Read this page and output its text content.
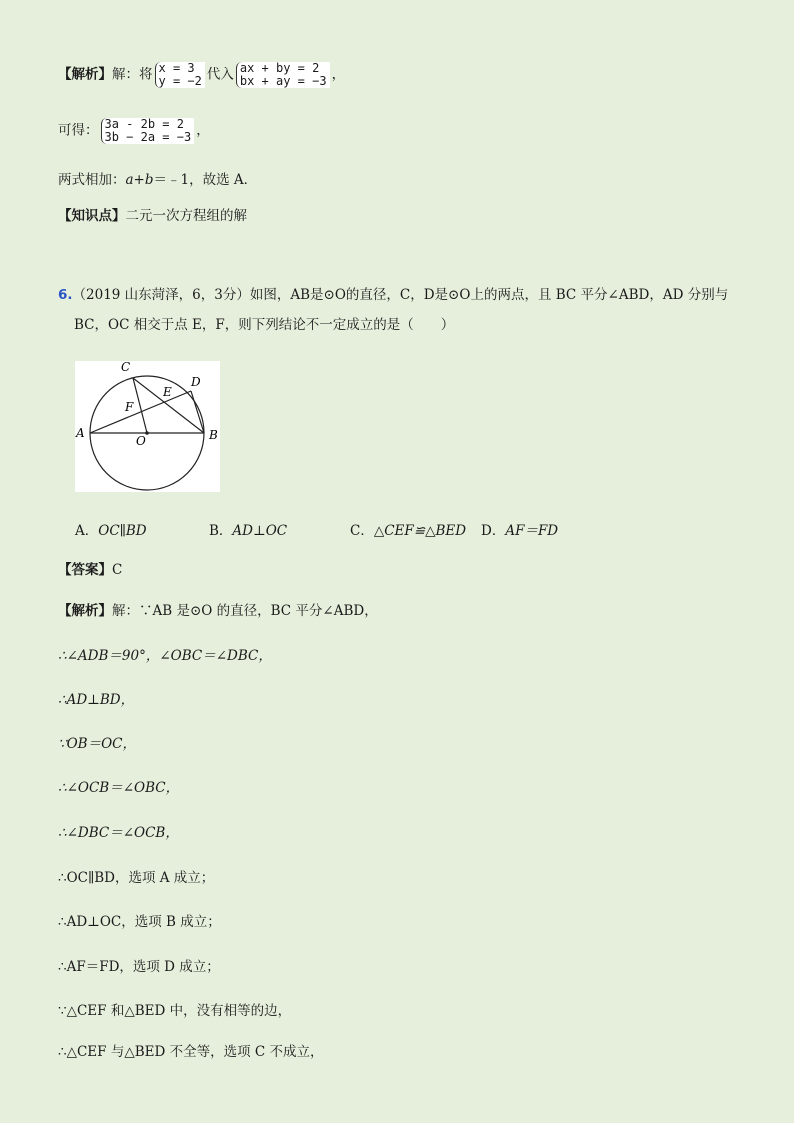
【解析】解：将 x = 3
y = −2 代入 ax + by = 2
bx + ay = −3 ，
可得： 3a - 2b = 2
3b − 2a = −3 ，
两式相加：a+b＝﹣1，故选 A．
【知识点】二元一次方程组的解
6.（2019 山东菏泽，6，3分）如图，AB是⊙O的直径，C，D是⊙O上的两点，且 BC 平分∠ABD，AD 分别与
BC，OC 相交于点 E，F，则下列结论不一定成立的是（　　）
C
D
E
F
A	B
O
A．OC∥BD	B．AD⊥OC	C．△CEF≌△BED D．AF＝FD
【答案】C
【解析】解：∵AB 是⊙O 的直径，BC 平分∠ABD，
∴∠ADB＝90°，∠OBC＝∠DBC，
∴AD⊥BD，
∵OB＝OC，
∴∠OCB＝∠OBC，
∴∠DBC＝∠OCB，
∴OC∥BD，选项 A 成立；
∴AD⊥OC，选项 B 成立；
∴AF＝FD，选项 D 成立；
∵△CEF 和△BED 中，没有相等的边，
∴△CEF 与△BED 不全等，选项 C 不成立，
